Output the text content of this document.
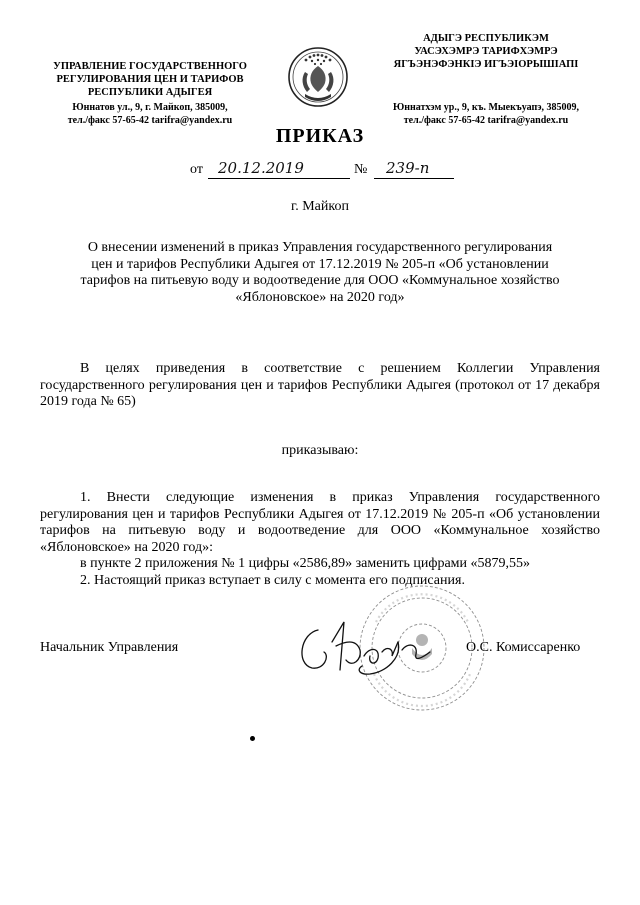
УПРАВЛЕНИЕ ГОСУДАРСТВЕННОГО
РЕГУЛИРОВАНИЯ ЦЕН И ТАРИФОВ
РЕСПУБЛИКИ АДЫГЕЯ
Юннатов ул., 9, г. Майкоп, 385009,
тел./факс 57-65-42 tarifra@yandex.ru
АДЫГЭ РЕСПУБЛИКЭМ
УАСЭХЭМРЭ ТАРИФХЭМРЭ
ЯГЪЭНЭФЭНКIЭ ИГЪЭIОРЫШIАПI
Юннатхэм ур., 9, къ. Мыекъуапэ, 385009,
тел./факс 57-65-42 tarifra@yandex.ru
ПРИКАЗ
от 20.12.2019	№ 239-п
г. Майкоп
О внесении изменений в приказ Управления государственного регулирования цен и тарифов Республики Адыгея от 17.12.2019 № 205-п «Об установлении тарифов на питьевую воду и водоотведение для ООО «Коммунальное хозяйство «Яблоновское» на 2020 год»
В целях приведения в соответствие с решением Коллегии Управления государственного регулирования цен и тарифов Республики Адыгея (протокол от 17 декабря 2019 года № 65)
приказываю:
1. Внести следующие изменения в приказ Управления государственного регулирования цен и тарифов Республики Адыгея от 17.12.2019 № 205-п «Об установлении тарифов на питьевую воду и водоотведение для ООО «Коммунальное хозяйство «Яблоновское» на 2020 год»:
в пункте 2 приложения № 1 цифры «2586,89» заменить цифрами «5879,55»
2. Настоящий приказ вступает в силу с момента его подписания.
Начальник Управления	О.С. Комиссаренко
